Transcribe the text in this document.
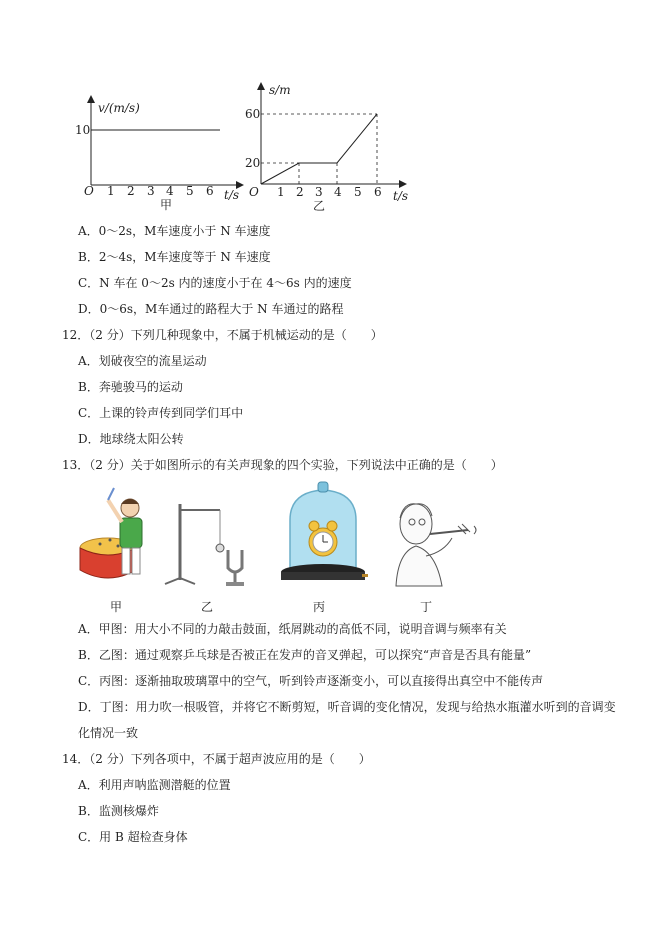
v/(m/s)
10
O 1 2 3 4 5 6 t/s
甲
s/m
60
20
O 1 2 3 4 5 6 t/s
乙
A．0～2s，M车速度小于 N 车速度
B．2～4s，M车速度等于 N 车速度
C．N 车在 0～2s 内的速度小于在 4～6s 内的速度
D．0～6s，M车通过的路程大于 N 车通过的路程
12．（2 分）下列几种现象中，不属于机械运动的是（　　）
A．划破夜空的流星运动
B．奔驰骏马的运动
C．上课的铃声传到同学们耳中
D．地球绕太阳公转
13．（2 分）关于如图所示的有关声现象的四个实验，下列说法中正确的是（　　）
甲	乙	丙	丁
A．甲图：用大小不同的力敲击鼓面，纸屑跳动的高低不同，说明音调与频率有关
B．乙图：通过观察乒乓球是否被正在发声的音叉弹起，可以探究“声音是否具有能量”
C．丙图：逐渐抽取玻璃罩中的空气，听到铃声逐渐变小，可以直接得出真空中不能传声
D．丁图：用力吹一根吸管，并将它不断剪短，听音调的变化情况，发现与给热水瓶灌水听到的音调变
化情况一致
14．（2 分）下列各项中，不属于超声波应用的是（　　）
A．利用声呐监测潜艇的位置
B．监测核爆炸
C．用 B 超检查身体
